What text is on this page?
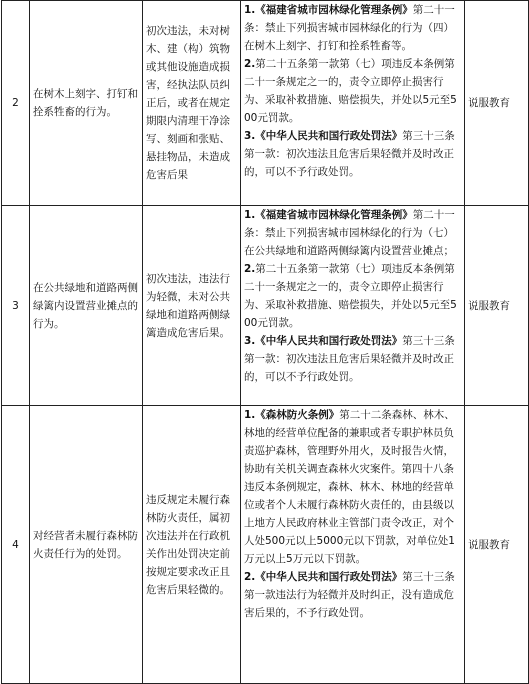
2	在树木上刻字、打钉和拴系牲畜的行为。	初次违法，未对树木、建（构）筑物或其他设施造成损害，经执法队员纠正后，或者在规定期限内清理干净涂写、刻画和张贴、悬挂物品，未造成危害后果	1.《福建省城市园林绿化管理条例》第二十一条：禁止下列损害城市园林绿化的行为（四）在树木上刻字、打钉和拴系牲畜等。

2.第二十五条第一款第（七）项违反本条例第二十一条规定之一的，责令立即停止损害行为、采取补救措施、赔偿损失，并处以5元至500元罚款。

3.《中华人民共和国行政处罚法》第三十三条第一款：初次违法且危害后果轻微并及时改正的，可以不予行政处罚。	说服教育
3	在公共绿地和道路两侧绿篱内设置营业摊点的行为。	初次违法，违法行为轻微，未对公共绿地和道路两侧绿篱造成危害后果。	1.《福建省城市园林绿化管理条例》第二十一条：禁止下列损害城市园林绿化的行为（七）在公共绿地和道路两侧绿篱内设置营业摊点；

2.第二十五条第一款第（七）项违反本条例第二十一条规定之一的，责令立即停止损害行为、采取补救措施、赔偿损失，并处以5元至500元罚款。

3.《中华人民共和国行政处罚法》第三十三条第一款：初次违法且危害后果轻微并及时改正的，可以不予行政处罚。	说服教育
4	对经营者未履行森林防火责任行为的处罚。	违反规定未履行森林防火责任，属初次违法并在行政机关作出处罚决定前按规定要求改正且危害后果轻微的。	1.《森林防火条例》第二十二条森林、林木、林地的经营单位配备的兼职或者专职护林员负责巡护森林，管理野外用火，及时报告火情，协助有关机关调查森林火灾案件。第四十八条违反本条例规定，森林、林木、林地的经营单位或者个人未履行森林防火责任的，由县级以上地方人民政府林业主管部门责令改正，对个人处500元以上5000元以下罚款，对单位处1万元以上5万元以下罚款。

2.《中华人民共和国行政处罚法》第三十三条第一款违法行为轻微并及时纠正，没有造成危害后果的，不予行政处罚。	说服教育
